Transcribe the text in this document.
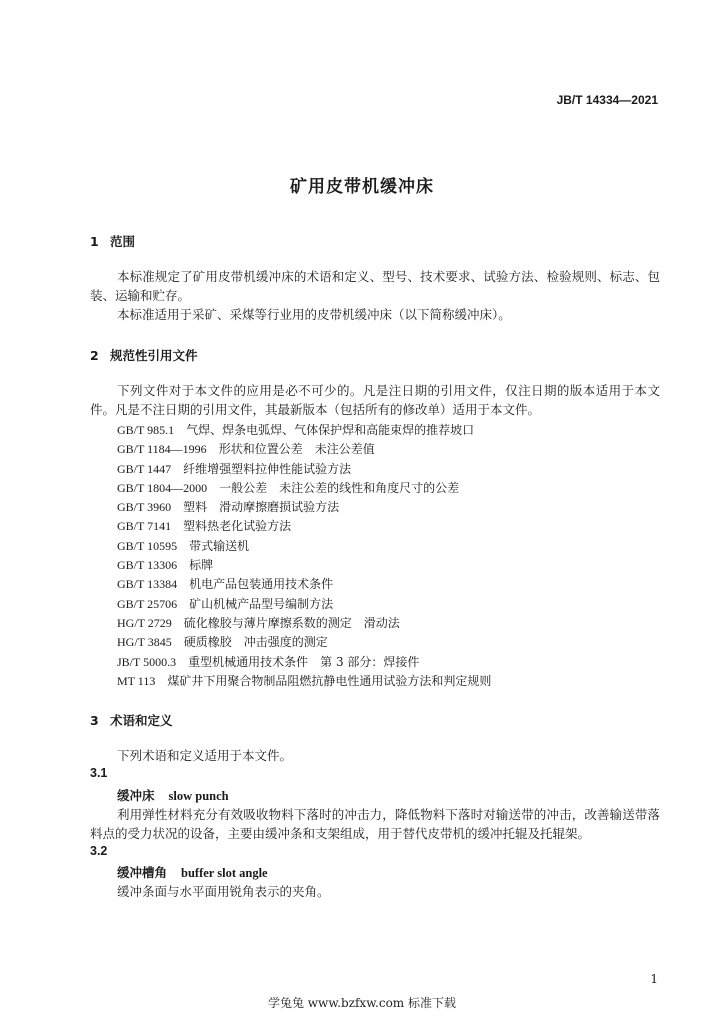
JB/T 14334—2021
矿用皮带机缓冲床
1 范围
本标准规定了矿用皮带机缓冲床的术语和定义、型号、技术要求、试验方法、检验规则、标志、包装、运输和贮存。
本标准适用于采矿、采煤等行业用的皮带机缓冲床（以下简称缓冲床）。
2 规范性引用文件
下列文件对于本文件的应用是必不可少的。凡是注日期的引用文件，仅注日期的版本适用于本文件。凡是不注日期的引用文件，其最新版本（包括所有的修改单）适用于本文件。
GB/T 985.1　 气焊、焊条电弧焊、气体保护焊和高能束焊的推荐坡口
GB/T 1184—1996　 形状和位置公差　未注公差值
GB/T 1447　 纤维增强塑料拉伸性能试验方法
GB/T 1804—2000　 一般公差　未注公差的线性和角度尺寸的公差
GB/T 3960　 塑料　滑动摩擦磨损试验方法
GB/T 7141　 塑料热老化试验方法
GB/T 10595　 带式输送机
GB/T 13306　 标牌
GB/T 13384　 机电产品包装通用技术条件
GB/T 25706　 矿山机械产品型号编制方法
HG/T 2729　 硫化橡胶与薄片摩擦系数的测定　滑动法
HG/T 3845　 硬质橡胶　冲击强度的测定
JB/T 5000.3　 重型机械通用技术条件　第 3 部分：焊接件
MT 113　 煤矿井下用聚合物制品阻燃抗静电性通用试验方法和判定规则
3 术语和定义
下列术语和定义适用于本文件。
3.1
缓冲床 slow punch
利用弹性材料充分有效吸收物料下落时的冲击力，降低物料下落时对输送带的冲击，改善输送带落料点的受力状况的设备，主要由缓冲条和支架组成，用于替代皮带机的缓冲托辊及托辊架。
3.2
缓冲槽角 buffer slot angle
缓冲条面与水平面用锐角表示的夹角。
1
学兔兔 www.bzfxw.com 标准下载
